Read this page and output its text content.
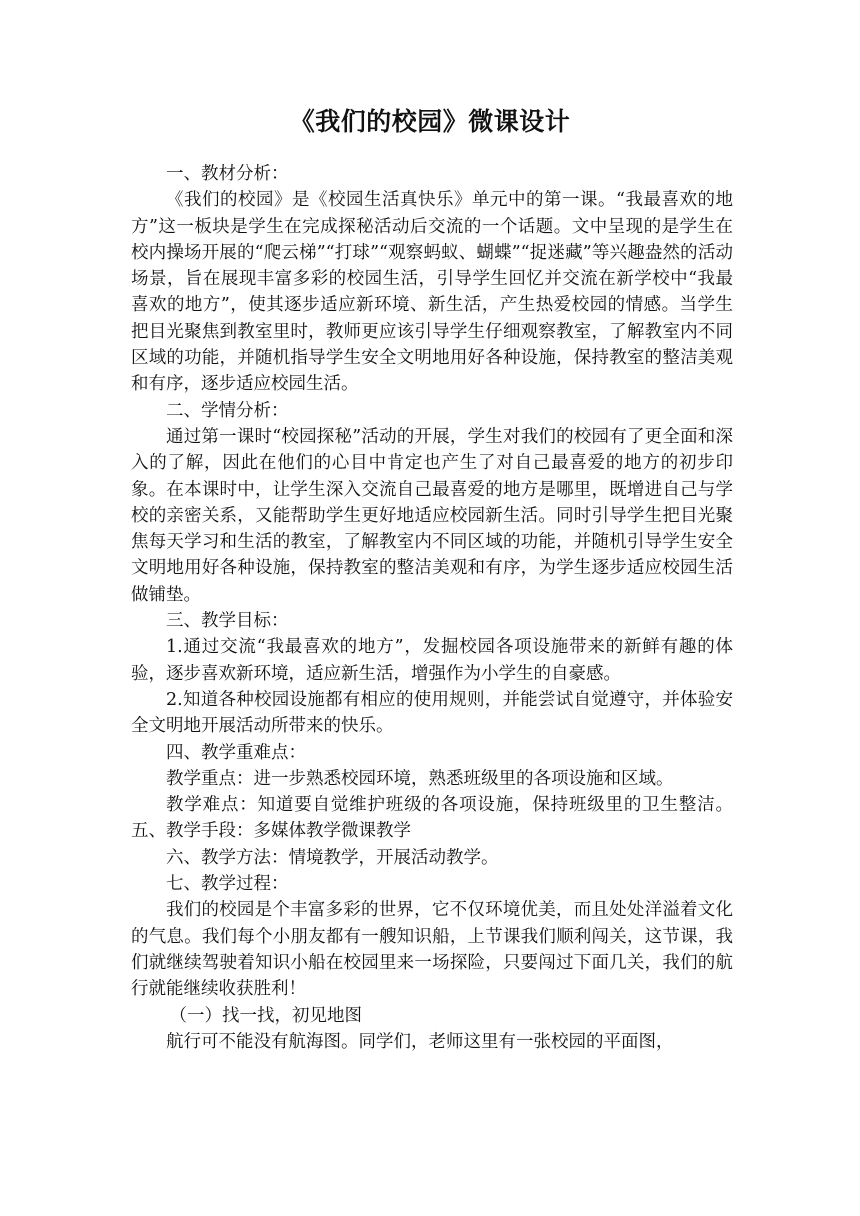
《我们的校园》微课设计

一、教材分析：

《我们的校园》是《校园生活真快乐》单元中的第一课。“我最喜欢的地方”这一板块是学生在完成探秘活动后交流的一个话题。文中呈现的是学生在校内操场开展的“爬云梯”“打球”“观察蚂蚁、蝴蝶”“捉迷藏”等兴趣盎然的活动场景，旨在展现丰富多彩的校园生活，引导学生回忆并交流在新学校中“我最喜欢的地方”，使其逐步适应新环境、新生活，产生热爱校园的情感。当学生把目光聚焦到教室里时，教师更应该引导学生仔细观察教室，了解教室内不同区域的功能，并随机指导学生安全文明地用好各种设施，保持教室的整洁美观和有序，逐步适应校园生活。

二、学情分析：

通过第一课时“校园探秘”活动的开展，学生对我们的校园有了更全面和深入的了解，因此在他们的心目中肯定也产生了对自己最喜爱的地方的初步印象。在本课时中，让学生深入交流自己最喜爱的地方是哪里，既增进自己与学校的亲密关系，又能帮助学生更好地适应校园新生活。同时引导学生把目光聚焦每天学习和生活的教室，了解教室内不同区域的功能，并随机引导学生安全文明地用好各种设施，保持教室的整洁美观和有序，为学生逐步适应校园生活做铺垫。

三、教学目标：

1.通过交流“我最喜欢的地方”，发掘校园各项设施带来的新鲜有趣的体验，逐步喜欢新环境，适应新生活，增强作为小学生的自豪感。

2.知道各种校园设施都有相应的使用规则，并能尝试自觉遵守，并体验安全文明地开展活动所带来的快乐。

四、教学重难点：

教学重点：进一步熟悉校园环境，熟悉班级里的各项设施和区域。

教学难点：知道要自觉维护班级的各项设施，保持班级里的卫生整洁。五、教学手段：多媒体教学微课教学

六、教学方法：情境教学，开展活动教学。

七、教学过程：

我们的校园是个丰富多彩的世界，它不仅环境优美，而且处处洋溢着文化的气息。我们每个小朋友都有一艘知识船，上节课我们顺利闯关，这节课，我们就继续驾驶着知识小船在校园里来一场探险，只要闯过下面几关，我们的航行就能继续收获胜利！

（一）找一找，初见地图

航行可不能没有航海图。同学们，老师这里有一张校园的平面图，
